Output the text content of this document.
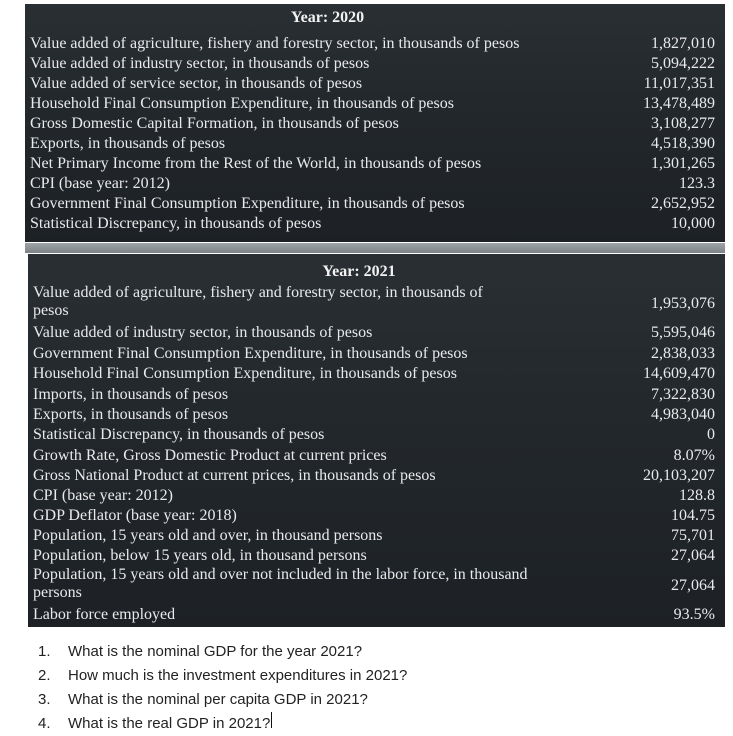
Year: 2020
Value added of agriculture, fishery and forestry sector, in thousands of pesos	1,827,010
Value added of industry sector, in thousands of pesos	5,094,222
Value added of service sector, in thousands of pesos	11,017,351
Household Final Consumption Expenditure, in thousands of pesos	13,478,489
Gross Domestic Capital Formation, in thousands of pesos	3,108,277
Exports, in thousands of pesos	4,518,390
Net Primary Income from the Rest of the World, in thousands of pesos	1,301,265
CPI (base year: 2012)	123.3
Government Final Consumption Expenditure, in thousands of pesos	2,652,952
Statistical Discrepancy, in thousands of pesos	10,000
Year: 2021
Value added of agriculture, fishery and forestry sector, in thousands of pesos	1,953,076
Value added of industry sector, in thousands of pesos	5,595,046
Government Final Consumption Expenditure, in thousands of pesos	2,838,033
Household Final Consumption Expenditure, in thousands of pesos	14,609,470
Imports, in thousands of pesos	7,322,830
Exports, in thousands of pesos	4,983,040
Statistical Discrepancy, in thousands of pesos	0
Growth Rate, Gross Domestic Product at current prices	8.07%
Gross National Product at current prices, in thousands of pesos	20,103,207
CPI (base year: 2012)	128.8
GDP Deflator (base year: 2018)	104.75
Population, 15 years old and over, in thousand persons	75,701
Population, below 15 years old, in thousand persons	27,064
Population, 15 years old and over not included in the labor force, in thousand persons	27,064
Labor force employed	93.5%
1.	What is the nominal GDP for the year 2021?
2.	How much is the investment expenditures in 2021?
3.	What is the nominal per capita GDP in 2021?
4.	What is the real GDP in 2021?
